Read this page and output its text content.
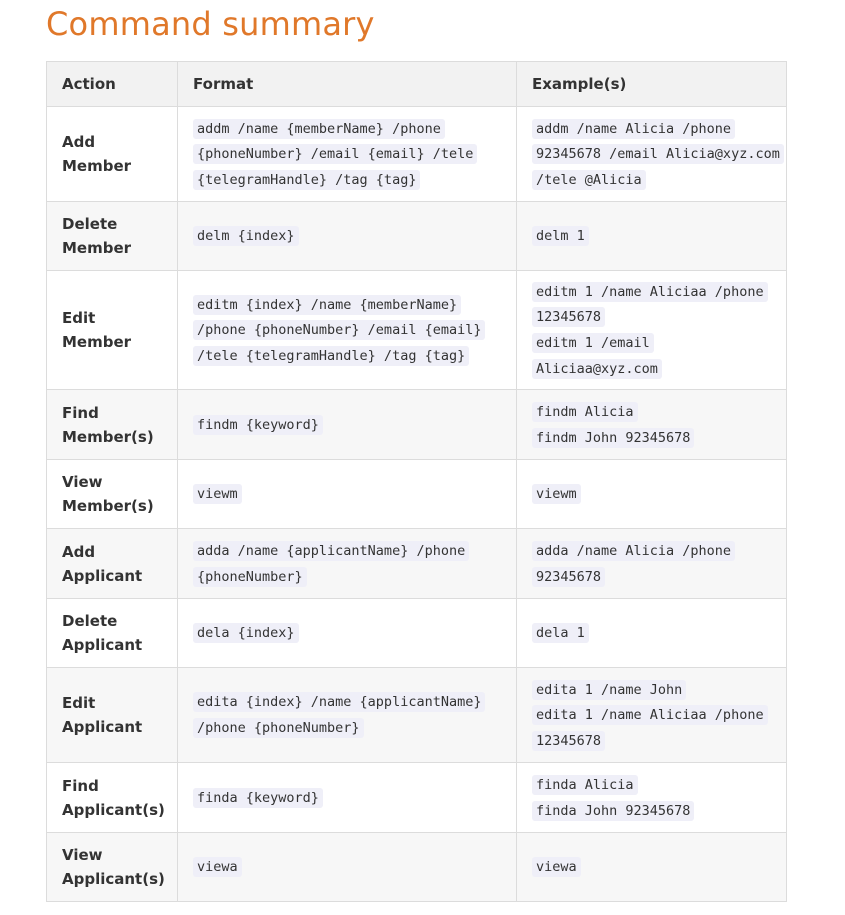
Command summary
Action	Format	Example(s)
Add Member	addm /name {memberName} /phone {phoneNumber} /email {email} /tele {telegramHandle} /tag {tag}	addm /name Alicia /phone 92345678 /email Alicia@xyz.com /tele @Alicia

Delete Member	delm {index}	delm 1

Edit Member	editm {index} /name {memberName} /phone {phoneNumber} /email {email} /tele {telegramHandle} /tag {tag}	editm 1 /name Aliciaa /phone 12345678
editm 1 /email Aliciaa@xyz.com

Find Member(s)	findm {keyword}	findm Alicia
findm John 92345678

View Member(s)	viewm	viewm

Add Applicant	adda /name {applicantName} /phone {phoneNumber}	adda /name Alicia /phone 92345678

Delete Applicant	dela {index}	dela 1

Edit Applicant	edita {index} /name {applicantName} /phone {phoneNumber}	edita 1 /name John
edita 1 /name Aliciaa /phone 12345678

Find Applicant(s)	finda {keyword}	finda Alicia
finda John 92345678

View Applicant(s)	viewa	viewa
